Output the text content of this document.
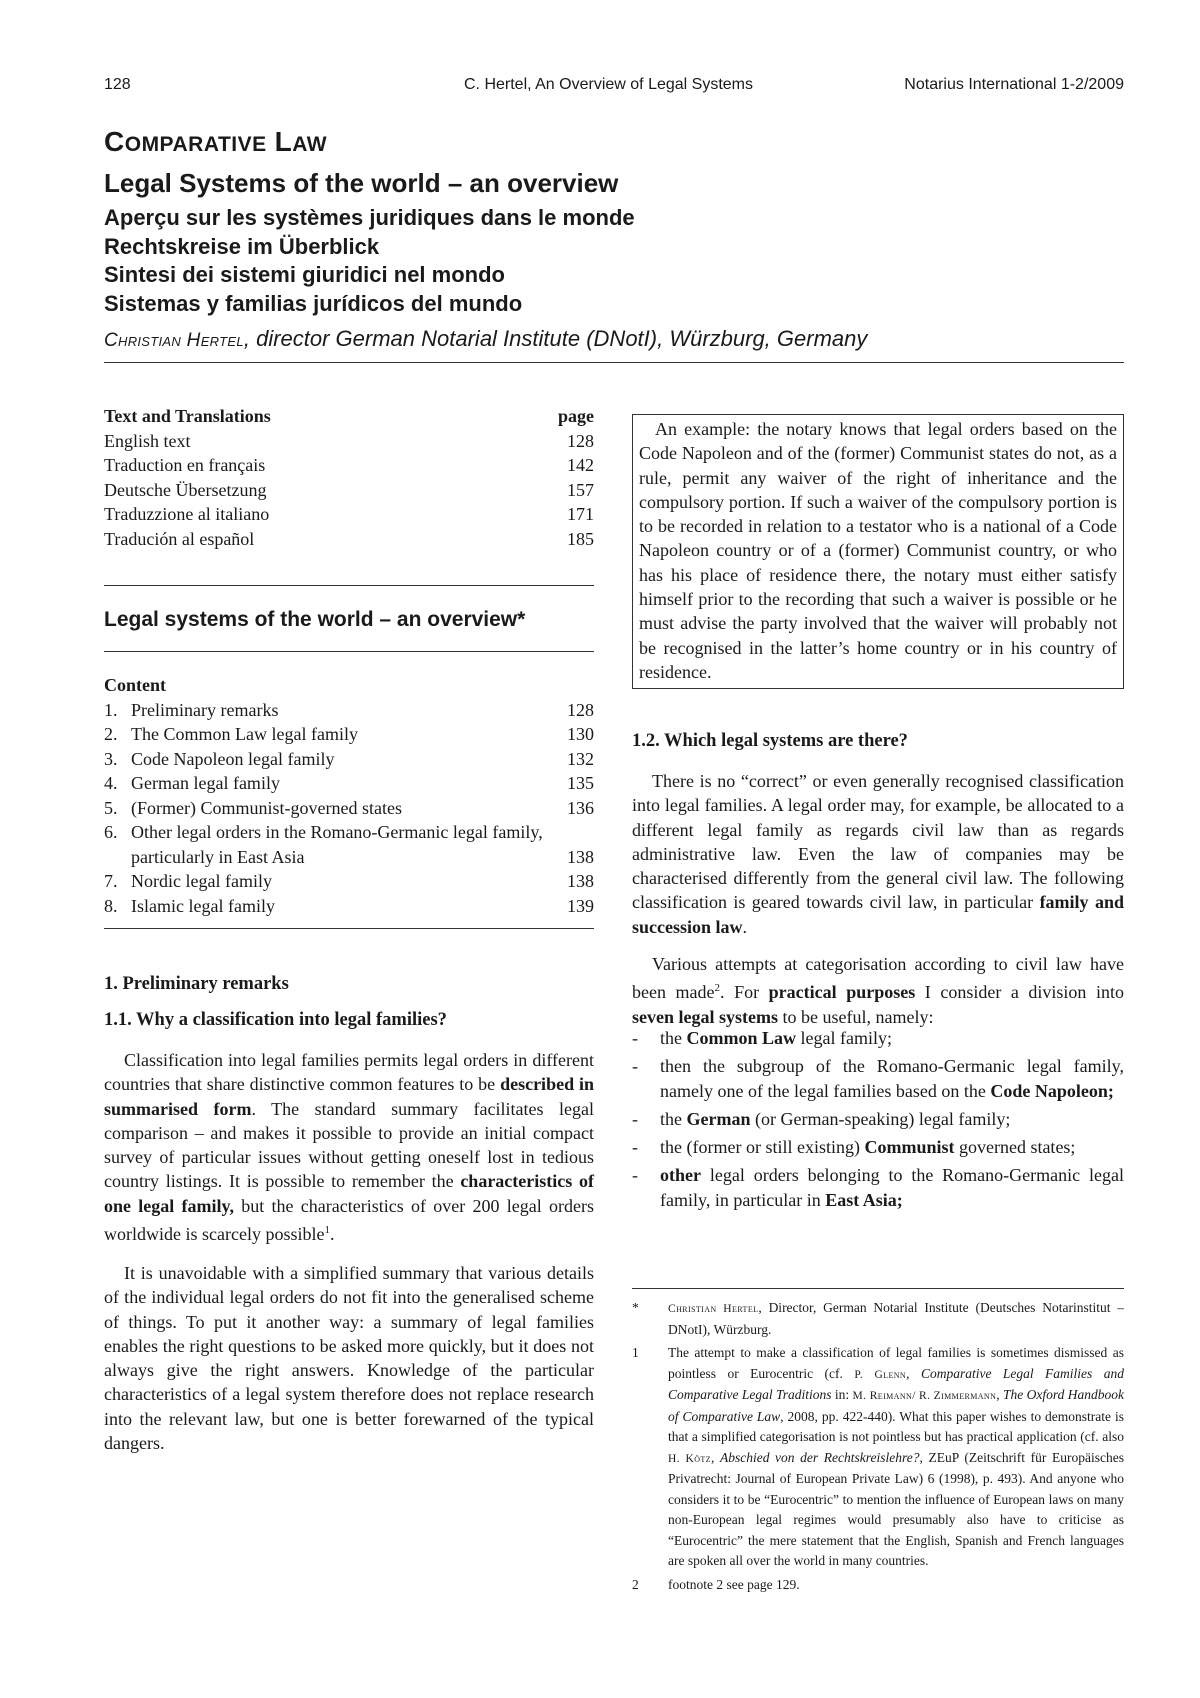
128	C. Hertel, An Overview of Legal Systems	Notarius International 1-2/2009
COMPARATIVE LAW

Legal Systems of the world – an overview

Aperçu sur les systèmes juridiques dans le monde

Rechtskreise im Überblick

Sintesi dei sistemi giuridici nel mondo

Sistemas y familias jurídicos del mundo

Christian Hertel, director German Notarial Institute (DNotI), Würzburg, Germany
Text and Translations	page
English text	128
Traduction en français	142
Deutsche Übersetzung	157
Traduzzione al italiano	171
Tradución al español	185
Legal systems of the world – an overview*
Content
1. Preliminary remarks	128
2. The Common Law legal family	130
3. Code Napoleon legal family	132
4. German legal family	135
5. (Former) Communist-governed states	136
6. Other legal orders in the Romano-Germanic legal family, particularly in East Asia	138
7. Nordic legal family	138
8. Islamic legal family	139
1. Preliminary remarks
1.1. Why a classification into legal families?

Classification into legal families permits legal orders in different countries that share distinctive common features to be described in summarised form. The standard summary facilitates legal comparison – and makes it possible to provide an initial compact survey of particular issues without getting oneself lost in tedious country listings. It is possible to remember the characteristics of one legal family, but the characteristics of over 200 legal orders worldwide is scarcely possible$^1$.

It is unavoidable with a simplified summary that various details of the individual legal orders do not fit into the generalised scheme of things. To put it another way: a summary of legal families enables the right questions to be asked more quickly, but it does not always give the right answers. Knowledge of the particular characteristics of a legal system therefore does not replace research into the relevant law, but one is better forewarned of the typical dangers.

An example: the notary knows that legal orders based on the Code Napoleon and of the (former) Communist states do not, as a rule, permit any waiver of the right of inheritance and the compulsory portion. If such a waiver of the compulsory portion is to be recorded in relation to a testator who is a national of a Code Napoleon country or of a (former) Communist country, or who has his place of residence there, the notary must either satisfy himself prior to the recording that such a waiver is possible or he must advise the party involved that the waiver will probably not be recognised in the latter’s home country or in his country of residence.

1.2. Which legal systems are there?

There is no “correct” or even generally recognised classification into legal families. A legal order may, for example, be allocated to a different legal family as regards civil law than as regards administrative law. Even the law of companies may be characterised differently from the general civil law. The following classification is geared towards civil law, in particular family and succession law.

Various attempts at categorisation according to civil law have been made$^2$. For practical purposes I consider a division into seven legal systems to be useful, namely:

- the Common Law legal family;
- then the subgroup of the Romano-Germanic legal family, namely one of the legal families based on the Code Napoleon;
- the German (or German-speaking) legal family;
- the (former or still existing) Communist governed states;
- other legal orders belonging to the Romano-Germanic legal family, in particular in East Asia;
*	Christian Hertel, Director, German Notarial Institute (Deutsches Notarinstitut – DNotI), Würzburg.
1	The attempt to make a classification of legal families is sometimes dismissed as pointless or Eurocentric (cf. P. Glenn, Comparative Legal Families and Comparative Legal Traditions in: M. Reimann/ R. Zimmermann, The Oxford Handbook of Comparative Law, 2008, pp. 422-440). What this paper wishes to demonstrate is that a simplified categorisation is not pointless but has practical application (cf. also H. Kötz, Abschied von der Rechtskreislehre?, ZEuP (Zeitschrift für Europäisches Privatrecht: Journal of European Private Law) 6 (1998), p. 493). And anyone who considers it to be “Eurocentric” to mention the influence of European laws on many non-European legal regimes would presumably also have to criticise as “Eurocentric” the mere statement that the English, Spanish and French languages are spoken all over the world in many countries.
2	footnote 2 see page 129.
